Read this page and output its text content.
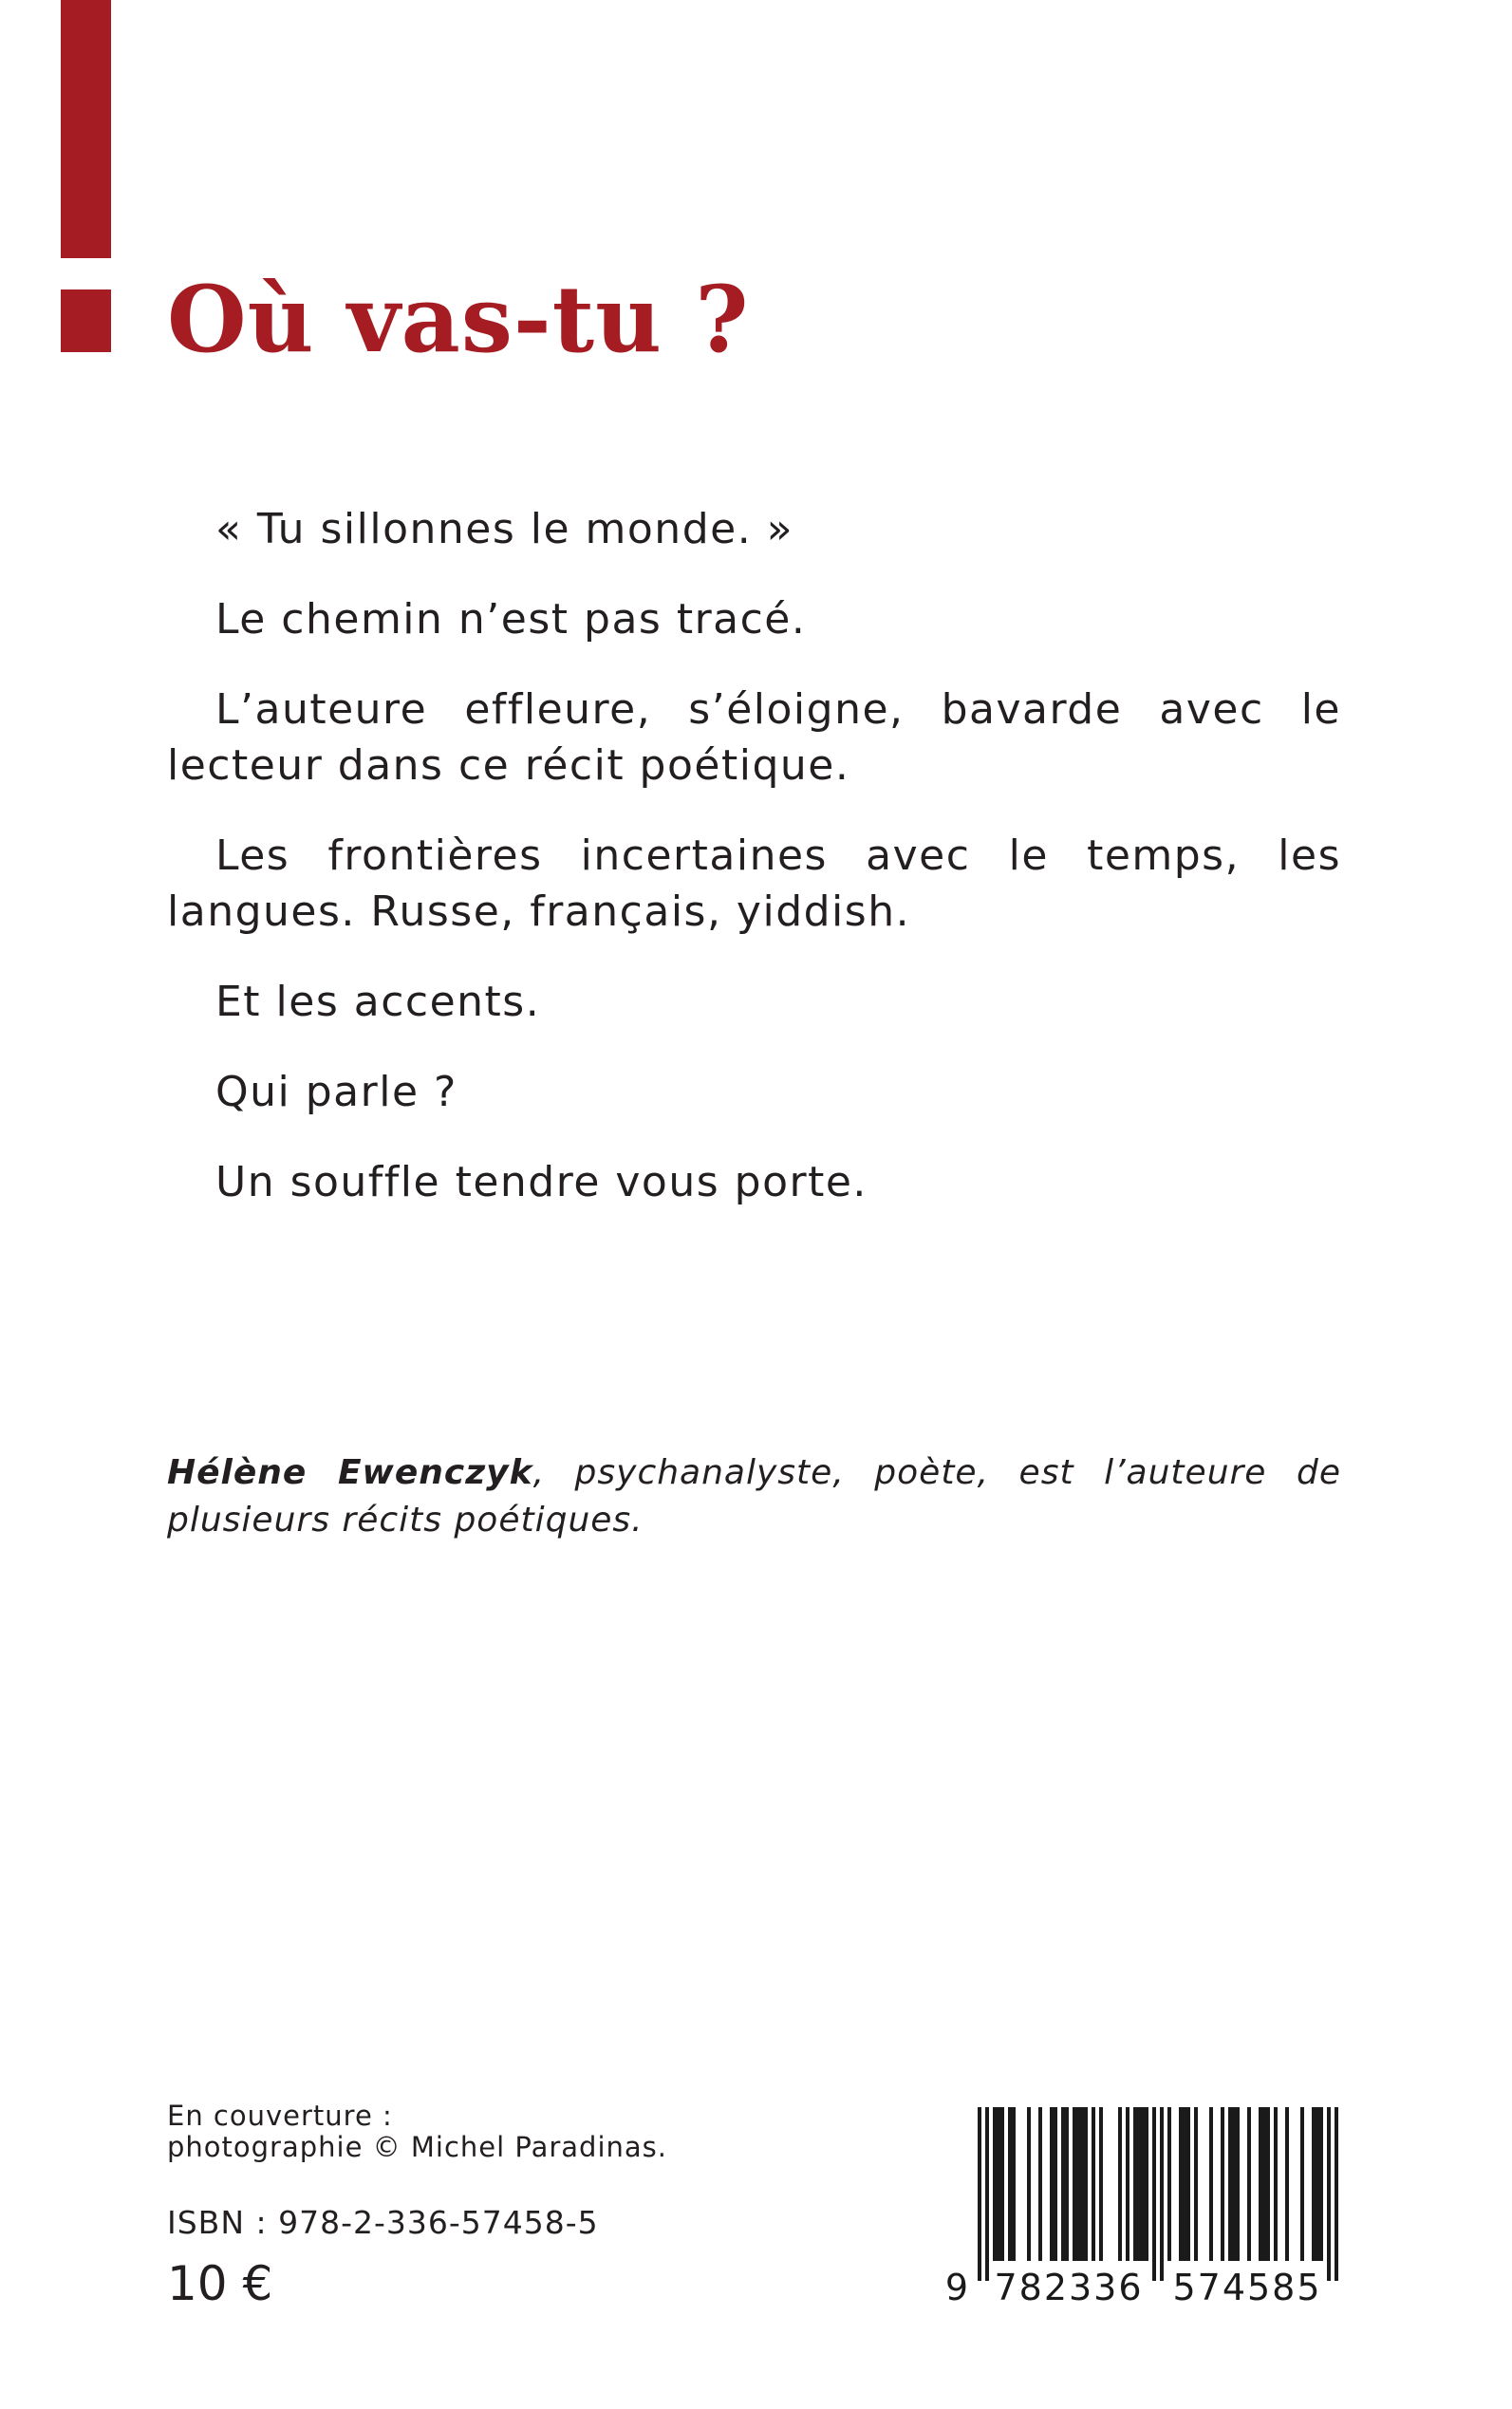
Où vas-tu ?

« Tu sillonnes le monde. »

Le chemin n’est pas tracé.

L’auteure effleure, s’éloigne, bavarde avec le lecteur dans ce récit poétique.

Les frontières incertaines avec le temps, les langues. Russe, français, yiddish.

Et les accents.

Qui parle ?

Un souffle tendre vous porte.

Hélène Ewenczyk, psychanalyste, poète, est l’auteure de plusieurs récits poétiques.

En couverture :
photographie © Michel Paradinas.
ISBN : 978-2-336-57458-5
10 €	9 782336 574585
